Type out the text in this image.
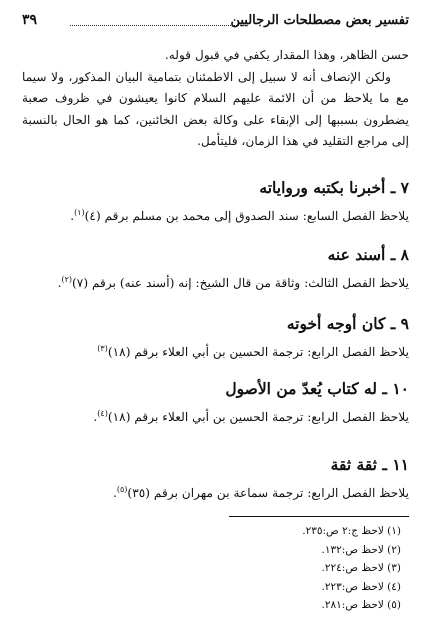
تفسير بعض مصطلحات الرجاليين
٣٩

حسن الظاهر، وهذا المقدار يكفي في قبول قوله.

ولكن الإنصاف أنه لا سبيل إلى الاطمئنان بتمامية البيان المذكور، ولا سيما مع ما يلاحظ من أن الائمة عليهم السلام كانوا يعيشون في ظروف صعبة يضطرون بسببها إلى الإبقاء على وكالة بعض الخائنين، كما هو الحال بالنسبة إلى مراجع التقليد في هذا الزمان، فليتأمل.

٧ ـ أخبرنا بكتبه ورواياته

يلاحظ الفصل السابع: سند الصدوق إلى محمد بن مسلم برقم (٤)$^{(١)}$.

٨ ـ أسند عنه

يلاحظ الفصل الثالث: وثاقة من قال الشيخ: إنه (أسند عنه) برقم (٧)$^{(٢)}$.

٩ ـ كان أوجه أخوته

يلاحظ الفصل الرابع: ترجمة الحسين بن أبي العلاء برقم (١٨)$^{(٣)}$

١٠ ـ له كتاب يُعدّ من الأصول

يلاحظ الفصل الرابع: ترجمة الحسين بن أبي العلاء برقم (١٨)$^{(٤)}$.

١١ ـ ثقة ثقة

يلاحظ الفصل الرابع: ترجمة سماعة بن مهران برقم (٣٥)$^{(٥)}$.

(١) لاحظ ج:٢ ص:٢٣٥.
(٢) لاحظ ص:١٣٢.
(٣) لاحظ ص:٢٢٤.
(٤) لاحظ ص:٢٢٣.
(٥) لاحظ ص:٢٨١.
